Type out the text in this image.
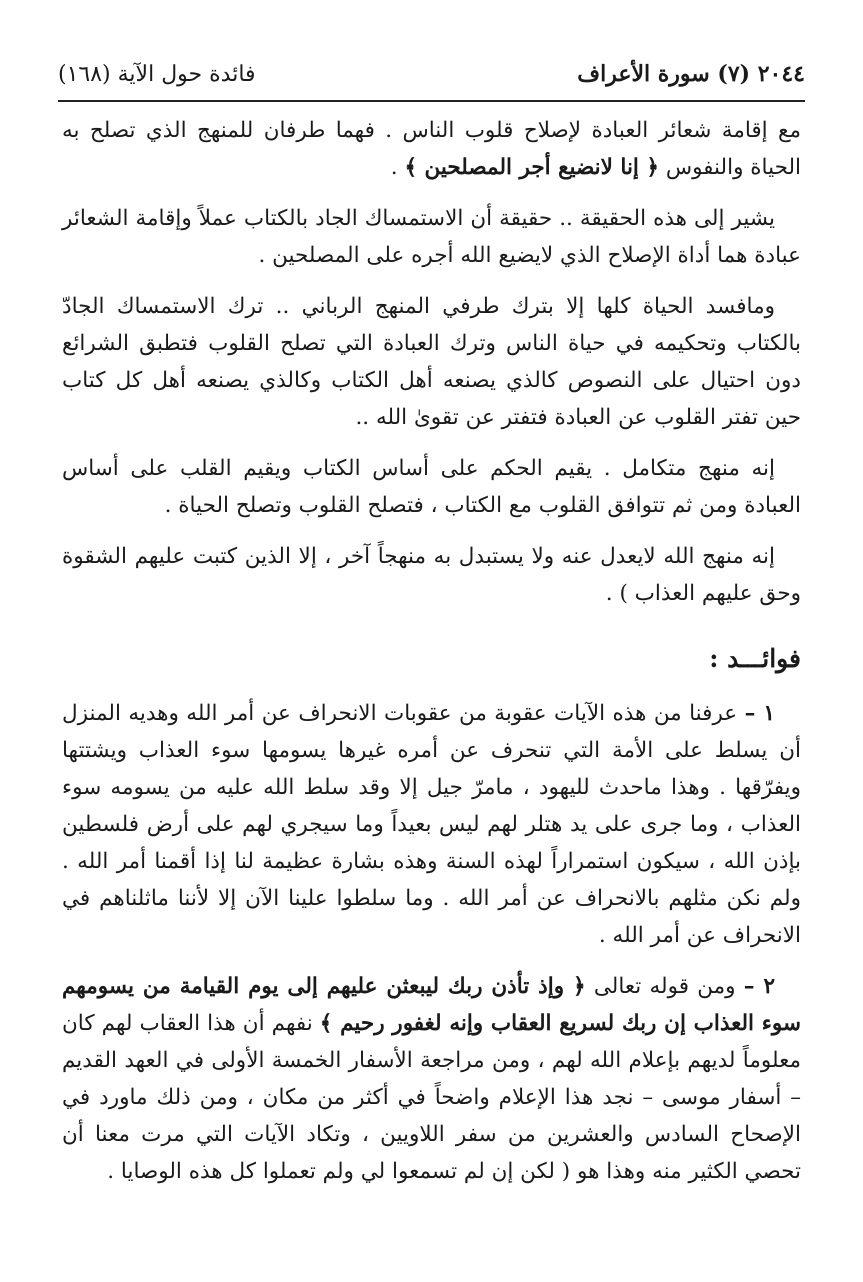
٢٠٤٤ (٧) سورة الأعراف
فائدة حول الآية (١٦٨)

مع إقامة شعائر العبادة لإصلاح قلوب الناس . فهما طرفان للمنهج الذي تصلح به الحياة والنفوس ﴿ إنا لانضيع أجر المصلحين ﴾ .

يشير إلى هذه الحقيقة .. حقيقة أن الاستمساك الجاد بالكتاب عملاً وإقامة الشعائر عبادة هما أداة الإصلاح الذي لايضيع الله أجره على المصلحين .

ومافسد الحياة كلها إلا بترك طرفي المنهج الرباني .. ترك الاستمساك الجادّ بالكتاب وتحكيمه في حياة الناس وترك العبادة التي تصلح القلوب فتطبق الشرائع دون احتيال على النصوص كالذي يصنعه أهل الكتاب وكالذي يصنعه أهل كل كتاب حين تفتر القلوب عن العبادة فتفتر عن تقوىٰ الله ..

إنه منهج متكامل . يقيم الحكم على أساس الكتاب ويقيم القلب على أساس العبادة ومن ثم تتوافق القلوب مع الكتاب ، فتصلح القلوب وتصلح الحياة .

إنه منهج الله لايعدل عنه ولا يستبدل به منهجاً آخر ، إلا الذين كتبت عليهم الشقوة وحق عليهم العذاب ) .

فوائـــد :

١ – عرفنا من هذه الآيات عقوبة من عقوبات الانحراف عن أمر الله وهديه المنزل أن يسلط على الأمة التي تنحرف عن أمره غيرها يسومها سوء العذاب ويشتتها ويفرّقها . وهذا ماحدث لليهود ، مامرّ جيل إلا وقد سلط الله عليه من يسومه سوء العذاب ، وما جرى على يد هتلر لهم ليس بعيداً وما سيجري لهم على أرض فلسطين بإذن الله ، سيكون استمراراً لهذه السنة وهذه بشارة عظيمة لنا إذا أقمنا أمر الله . ولم نكن مثلهم بالانحراف عن أمر الله . وما سلطوا علينا الآن إلا لأننا ماثلناهم في الانحراف عن أمر الله .

٢ – ومن قوله تعالى ﴿ وإذ تأذن ربك ليبعثن عليهم إلى يوم القيامة من يسومهم سوء العذاب إن ربك لسريع العقاب وإنه لغفور رحيم ﴾ نفهم أن هذا العقاب لهم كان معلوماً لديهم بإعلام الله لهم ، ومن مراجعة الأسفار الخمسة الأولى في العهد القديم – أسفار موسى – نجد هذا الإعلام واضحاً في أكثر من مكان ، ومن ذلك ماورد في الإصحاح السادس والعشرين من سفر اللاويين ، وتكاد الآيات التي مرت معنا أن تحصي الكثير منه وهذا هو ( لكن إن لم تسمعوا لي ولم تعملوا كل هذه الوصايا .
